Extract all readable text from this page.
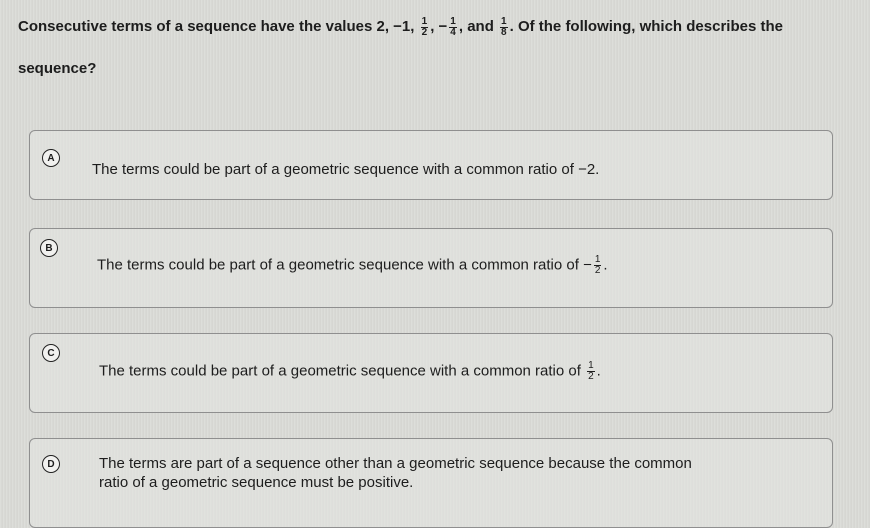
Consecutive terms of a sequence have the values 2, −1, $\frac{1}{2}$ , − $\frac{1}{4}$ , and $\frac{1}{8}$ . Of the following, which describes the sequence?
A
The terms could be part of a geometric sequence with a common ratio of −2.
B
The terms could be part of a geometric sequence with a common ratio of − $\frac{1}{2}$ .
C
The terms could be part of a geometric sequence with a common ratio of $\frac{1}{2}$ .
D	The terms are part of a sequence other than a geometric sequence because the common ratio of a geometric sequence must be positive.
